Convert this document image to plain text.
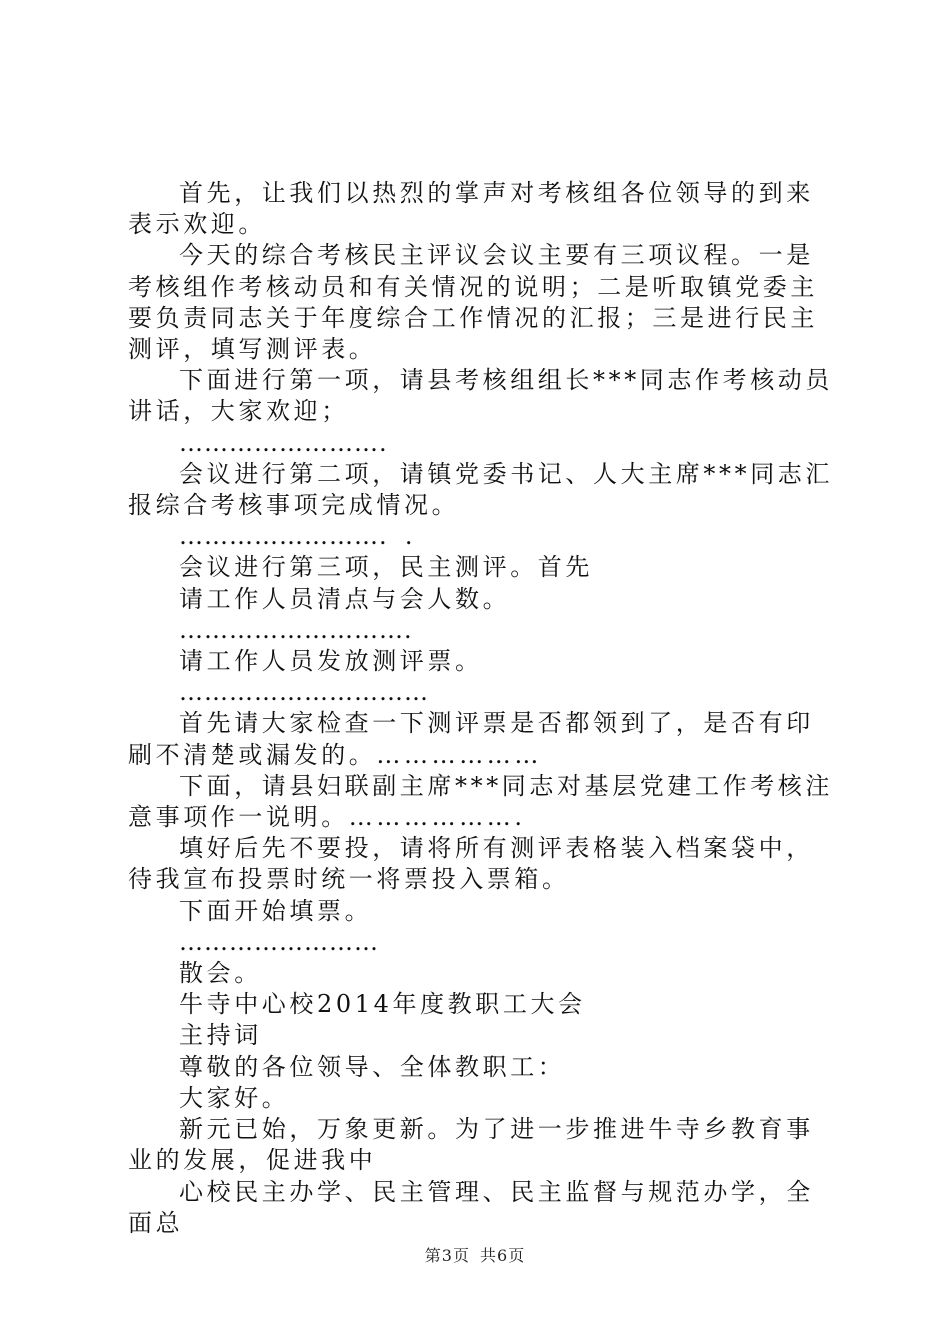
首先，让我们以热烈的掌声对考核组各位领导的到来表示欢迎。

今天的综合考核民主评议会议主要有三项议程。一是考核组作考核动员和有关情况的说明；二是听取镇党委主要负责同志关于年度综合工作情况的汇报；三是进行民主测评，填写测评表。

下面进行第一项，请县考核组组长***同志作考核动员讲话，大家欢迎；

…………………….

会议进行第二项，请镇党委书记、人大主席***同志汇报综合考核事项完成情况。

…………………….  .

会议进行第三项，民主测评。首先

请工作人员清点与会人数。

……………………….

请工作人员发放测评票。

…………………………

首先请大家检查一下测评票是否都领到了，是否有印刷不清楚或漏发的。………………

下面，请县妇联副主席***同志对基层党建工作考核注意事项作一说明。……………….

填好后先不要投，请将所有测评表格装入档案袋中，待我宣布投票时统一将票投入票箱。

下面开始填票。

……………………

散会。

牛寺中心校2014年度教职工大会

主持词

尊敬的各位领导、全体教职工：

大家好。

新元已始，万象更新。为了进一步推进牛寺乡教育事业的发展，促进我中

心校民主办学、民主管理、民主监督与规范办学，全面总

第3页 共6页
